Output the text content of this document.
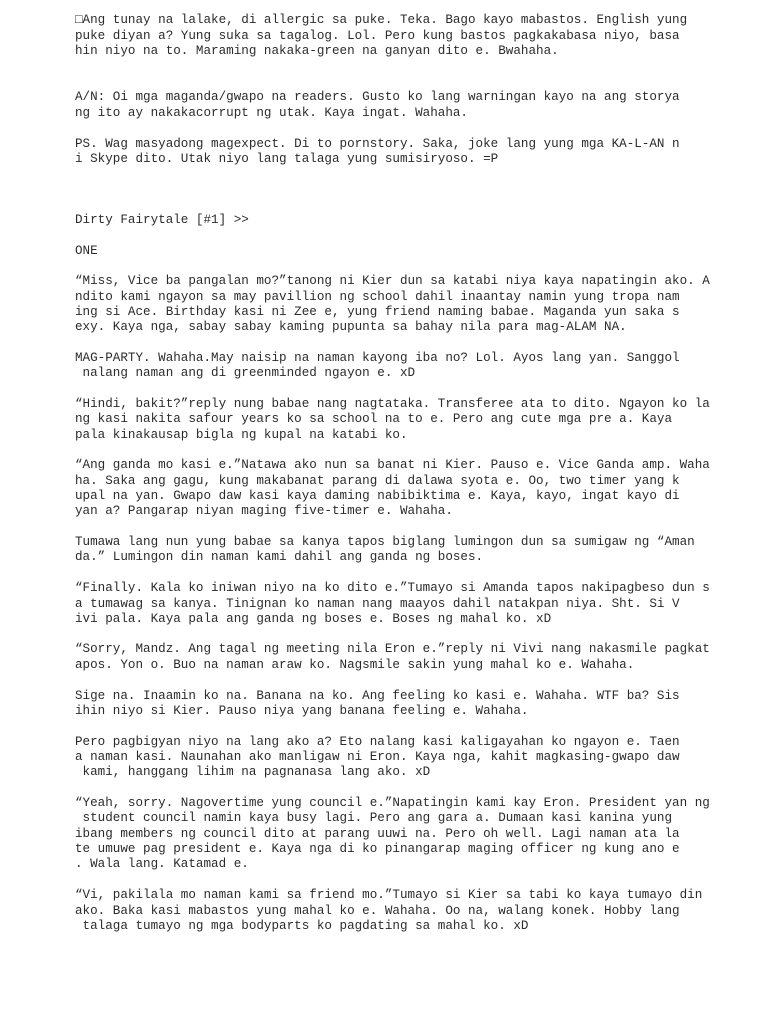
□Ang tunay na lalake, di allergic sa puke. Teka. Bago kayo mabastos. English yung
puke diyan a? Yung suka sa tagalog. Lol. Pero kung bastos pagkakabasa niyo, basa
hin niyo na to. Maraming nakaka-green na ganyan dito e. Bwahaha.
A/N: Oi mga maganda/gwapo na readers. Gusto ko lang warningan kayo na ang storya
ng ito ay nakakacorrupt ng utak. Kaya ingat. Wahaha.
PS. Wag masyadong magexpect. Di to pornstory. Saka, joke lang yung mga KA-L-AN n
i Skype dito. Utak niyo lang talaga yung sumisiryoso. =P
Dirty Fairytale [#1] >>
ONE
“Miss, Vice ba pangalan mo?”tanong ni Kier dun sa katabi niya kaya napatingin ako. A
ndito kami ngayon sa may pavillion ng school dahil inaantay namin yung tropa nam
ing si Ace. Birthday kasi ni Zee e, yung friend naming babae. Maganda yun saka s
exy. Kaya nga, sabay sabay kaming pupunta sa bahay nila para mag-ALAM NA.
MAG-PARTY. Wahaha.May naisip na naman kayong iba no? Lol. Ayos lang yan. Sanggol
nalang naman ang di greenminded ngayon e. xD
“Hindi, bakit?”reply nung babae nang nagtataka. Transferee ata to dito. Ngayon ko la
ng kasi nakita safour years ko sa school na to e. Pero ang cute mga pre a. Kaya
pala kinakausap bigla ng kupal na katabi ko.
“Ang ganda mo kasi e.”Natawa ako nun sa banat ni Kier. Pauso e. Vice Ganda amp. Waha
ha. Saka ang gagu, kung makabanat parang di dalawa syota e. Oo, two timer yang k
upal na yan. Gwapo daw kasi kaya daming nabibiktima e. Kaya, kayo, ingat kayo di
yan a? Pangarap niyan maging five-timer e. Wahaha.
Tumawa lang nun yung babae sa kanya tapos biglang lumingon dun sa sumigaw ng “Aman
da.” Lumingon din naman kami dahil ang ganda ng boses.
“Finally. Kala ko iniwan niyo na ko dito e.”Tumayo si Amanda tapos nakipagbeso dun s
a tumawag sa kanya. Tinignan ko naman nang maayos dahil natakpan niya. Sht. Si V
ivi pala. Kaya pala ang ganda ng boses e. Boses ng mahal ko. xD
“Sorry, Mandz. Ang tagal ng meeting nila Eron e.”reply ni Vivi nang nakasmile pagkat
apos. Yon o. Buo na naman araw ko. Nagsmile sakin yung mahal ko e. Wahaha.
Sige na. Inaamin ko na. Banana na ko. Ang feeling ko kasi e. Wahaha. WTF ba? Sis
ihin niyo si Kier. Pauso niya yang banana feeling e. Wahaha.
Pero pagbigyan niyo na lang ako a? Eto nalang kasi kaligayahan ko ngayon e. Taen
a naman kasi. Naunahan ako manligaw ni Eron. Kaya nga, kahit magkasing-gwapo daw
kami, hanggang lihim na pagnanasa lang ako. xD
“Yeah, sorry. Nagovertime yung council e.”Napatingin kami kay Eron. President yan ng
student council namin kaya busy lagi. Pero ang gara a. Dumaan kasi kanina yung
ibang members ng council dito at parang uuwi na. Pero oh well. Lagi naman ata la
te umuwe pag president e. Kaya nga di ko pinangarap maging officer ng kung ano e
. Wala lang. Katamad e.
“Vi, pakilala mo naman kami sa friend mo.”Tumayo si Kier sa tabi ko kaya tumayo din
ako. Baka kasi mabastos yung mahal ko e. Wahaha. Oo na, walang konek. Hobby lang
talaga tumayo ng mga bodyparts ko pagdating sa mahal ko. xD
